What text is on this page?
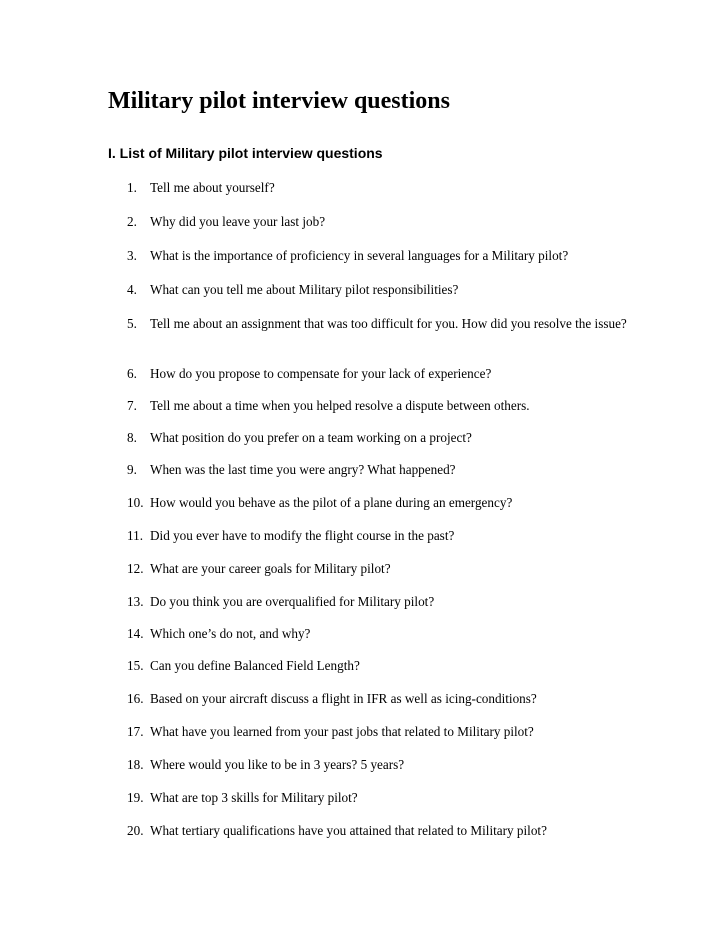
Military pilot interview questions
I. List of Military pilot interview questions
1. Tell me about yourself?
2. Why did you leave your last job?
3. What is the importance of proficiency in several languages for a Military pilot?
4. What can you tell me about Military pilot responsibilities?
5. Tell me about an assignment that was too difficult for you. How did you resolve the issue?
6. How do you propose to compensate for your lack of experience?
7. Tell me about a time when you helped resolve a dispute between others.
8. What position do you prefer on a team working on a project?
9. When was the last time you were angry? What happened?
10. How would you behave as the pilot of a plane during an emergency?
11. Did you ever have to modify the flight course in the past?
12. What are your career goals for Military pilot?
13. Do you think you are overqualified for Military pilot?
14. Which one’s do not, and why?
15. Can you define Balanced Field Length?
16. Based on your aircraft discuss a flight in IFR as well as icing-conditions?
17. What have you learned from your past jobs that related to Military pilot?
18. Where would you like to be in 3 years? 5 years?
19. What are top 3 skills for Military pilot?
20. What tertiary qualifications have you attained that related to Military pilot?
